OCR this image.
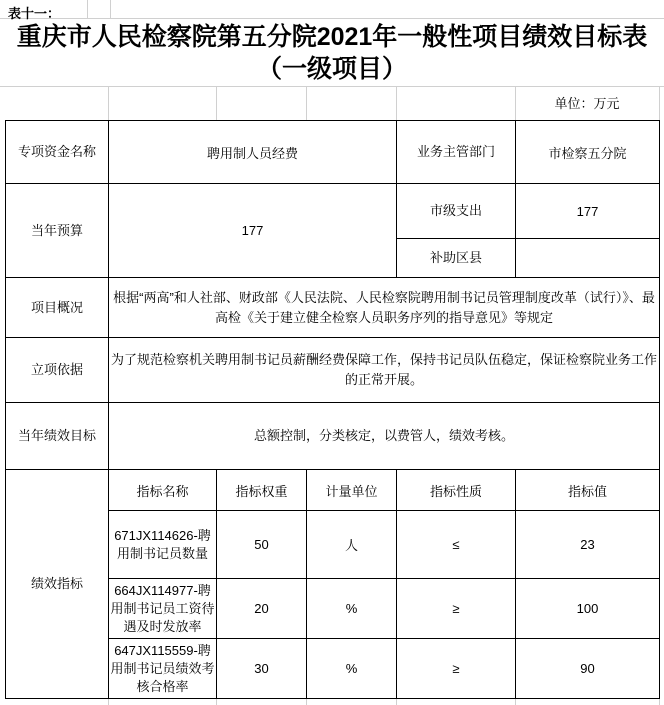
表十一：
重庆市人民检察院第五分院2021年一般性项目绩效目标表
（一级项目）
单位：万元
专项资金名称	聘用制人员经费			业务主管部门	市检察五分院
当年预算	177			市级支出	177
				补助区县	
项目概况	根据“两高”和人社部、财政部《人民法院、人民检察院聘用制书记员管理制度改革（试行）》、最高检《关于建立健全检察人员职务序列的指导意见》等规定				
立项依据	为了规范检察机关聘用制书记员薪酬经费保障工作，保持书记员队伍稳定，保证检察院业务工作的正常开展。				
当年绩效目标	总额控制，分类核定，以费管人，绩效考核。				
绩效指标	指标名称	指标权重	计量单位	指标性质	指标值
	671JX114626-聘用制书记员数量	50	人	≤	23
	664JX114977-聘用制书记员工资待遇及时发放率	20	%	≥	100
	647JX115559-聘用制书记员绩效考核合格率	30	%	≥	90
